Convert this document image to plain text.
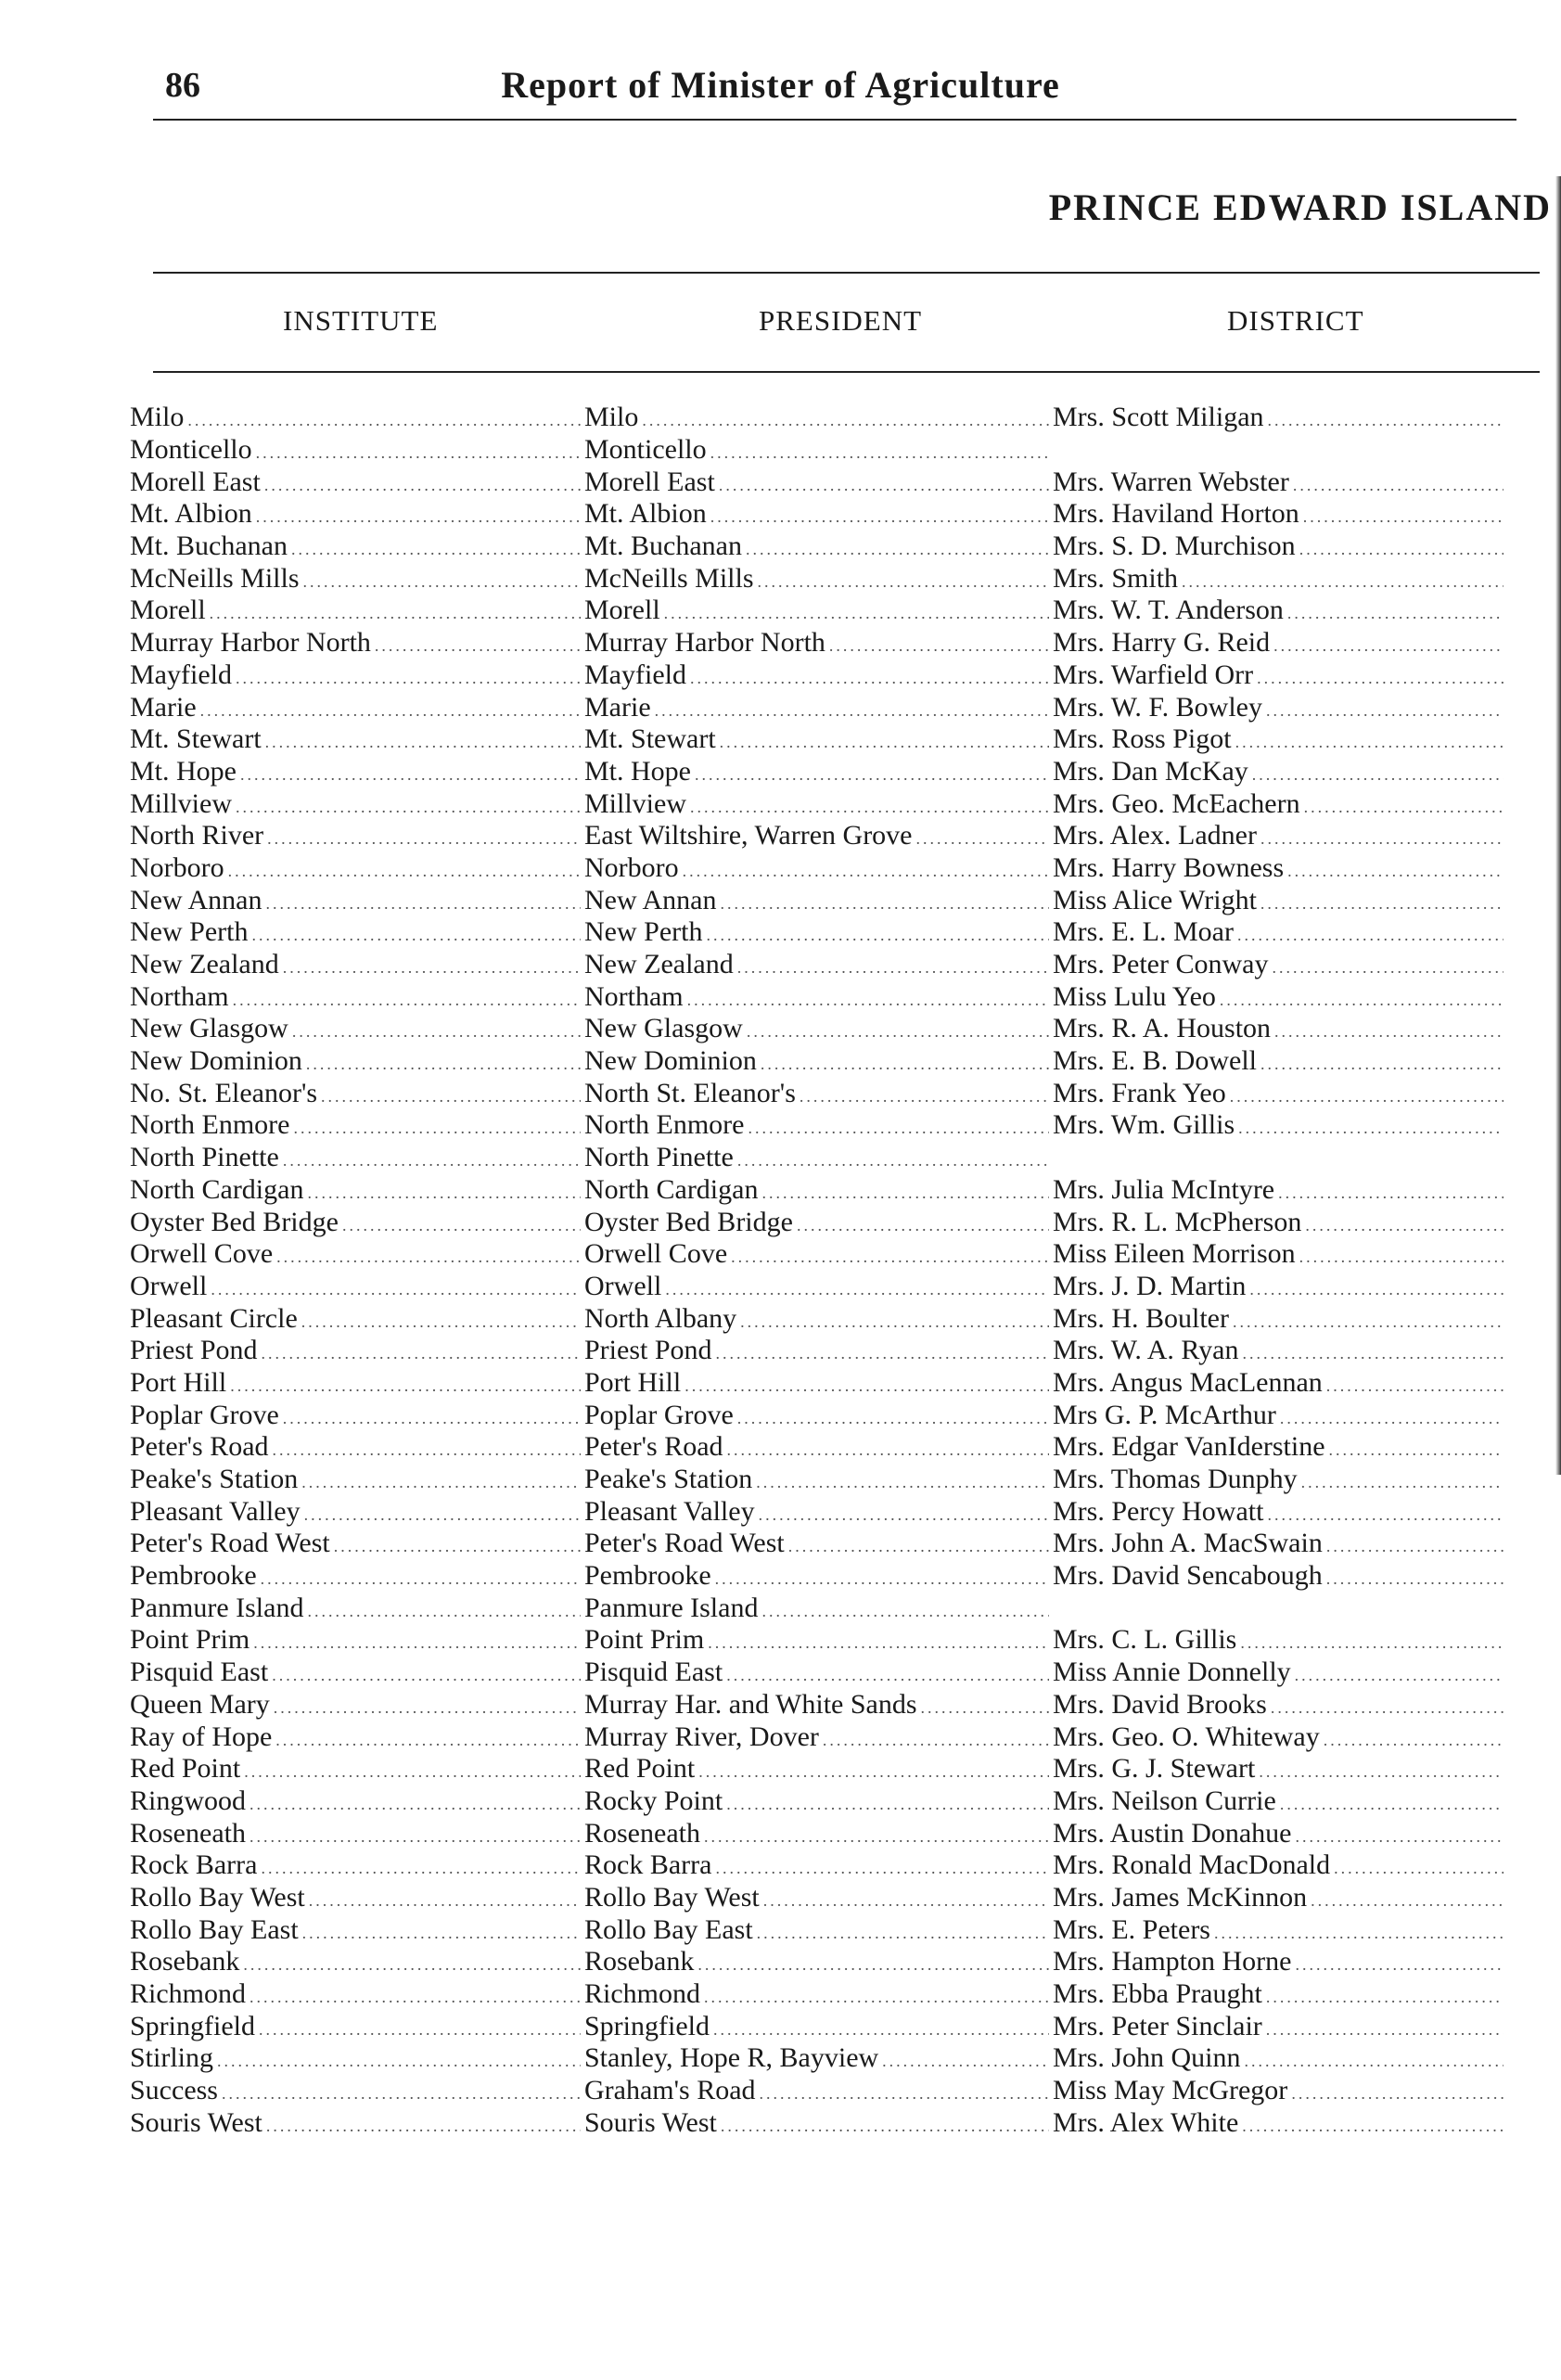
86	Report of Minister of Agriculture
PRINCE EDWARD ISLAND
INSTITUTE	PRESIDENT	DISTRICT
Milo .....	Milo .....	Mrs. Scott Miligan
.....
Monticello .....	Monticello
.....
Morell East .....	Morell East .....	Mrs. Warren Webster
.....
Mt. Albion .....	Mt. Albion .....	Mrs. Haviland Horton
.....
Mt. Buchanan .....	Mt. Buchanan .....	Mrs. S. D. Murchison
.....
McNeills Mills .....	McNeills Mills .....	Mrs. Smith
.....
Morell .....	Morell .....	Mrs. W. T. Anderson
.....
Murray Harbor North .....	Murray Harbor North .....	Mrs. Harry G. Reid
.....
Mayfield .....	Mayfield .....	Mrs. Warfield Orr
.....
Marie .....	Marie .....	Mrs. W. F. Bowley
.....
Mt. Stewart .....	Mt. Stewart .....	Mrs. Ross Pigot
.....
Mt. Hope .....	Mt. Hope .....	Mrs. Dan McKay
.....
Millview .....	Millview .....	Mrs. Geo. McEachern
.....
North River .....	East Wiltshire, Warren Grove .....	Mrs. Alex. Ladner
.....
Norboro .....	Norboro .....	Mrs. Harry Bowness
.....
New Annan .....	New Annan .....	Miss Alice Wright
.....
New Perth .....	New Perth .....	Mrs. E. L. Moar
.....
New Zealand .....	New Zealand .....	Mrs. Peter Conway
.....
Northam .....	Northam .....	Miss Lulu Yeo
.....
New Glasgow .....	New Glasgow .....	Mrs. R. A. Houston
.....
New Dominion .....	New Dominion .....	Mrs. E. B. Dowell
.....
No. St. Eleanor's .....	North St. Eleanor's .....	Mrs. Frank Yeo
.....
North Enmore .....	North Enmore .....	Mrs. Wm. Gillis
.....
North Pinette .....	North Pinette
.....
North Cardigan .....	North Cardigan .....	Mrs. Julia McIntyre
.....
Oyster Bed Bridge .....	Oyster Bed Bridge .....	Mrs. R. L. McPherson
.....
Orwell Cove .....	Orwell Cove .....	Miss Eileen Morrison
.....
Orwell .....	Orwell .....	Mrs. J. D. Martin
.....
Pleasant Circle .....	North Albany .....	Mrs. H. Boulter
.....
Priest Pond .....	Priest Pond .....	Mrs. W. A. Ryan
.....
Port Hill .....	Port Hill .....	Mrs. Angus MacLennan
.....
Poplar Grove .....	Poplar Grove .....	Mrs G. P. McArthur
.....
Peter's Road .....	Peter's Road .....	Mrs. Edgar VanIderstine
.....
Peake's Station .....	Peake's Station .....	Mrs. Thomas Dunphy
.....
Pleasant Valley .....	Pleasant Valley .....	Mrs. Percy Howatt
.....
Peter's Road West .....	Peter's Road West .....	Mrs. John A. MacSwain
.....
Pembrooke .....	Pembrooke .....	Mrs. David Sencabough
.....
Panmure Island .....	Panmure Island
.....
Point Prim .....	Point Prim .....	Mrs. C. L. Gillis
.....
Pisquid East .....	Pisquid East .....	Miss Annie Donnelly
.....
Queen Mary .....	Murray Har. and White Sands .....	Mrs. David Brooks
.....
Ray of Hope .....	Murray River, Dover .....	Mrs. Geo. O. Whiteway
.....
Red Point .....	Red Point .....	Mrs. G. J. Stewart
.....
Ringwood .....	Rocky Point .....	Mrs. Neilson Currie
.....
Roseneath .....	Roseneath .....	Mrs. Austin Donahue
.....
Rock Barra .....	Rock Barra .....	Mrs. Ronald MacDonald
.....
Rollo Bay West .....	Rollo Bay West .....	Mrs. James McKinnon
.....
Rollo Bay East .....	Rollo Bay East .....	Mrs. E. Peters
.....
Rosebank .....	Rosebank .....	Mrs. Hampton Horne
.....
Richmond .....	Richmond .....	Mrs. Ebba Praught
.....
Springfield .....	Springfield .....	Mrs. Peter Sinclair
.....
Stirling .....	Stanley, Hope R, Bayview .....	Mrs. John Quinn
.....
Success .....	Graham's Road .....	Miss May McGregor
.....
Souris West .....	Souris West .....	Mrs. Alex White
.....
